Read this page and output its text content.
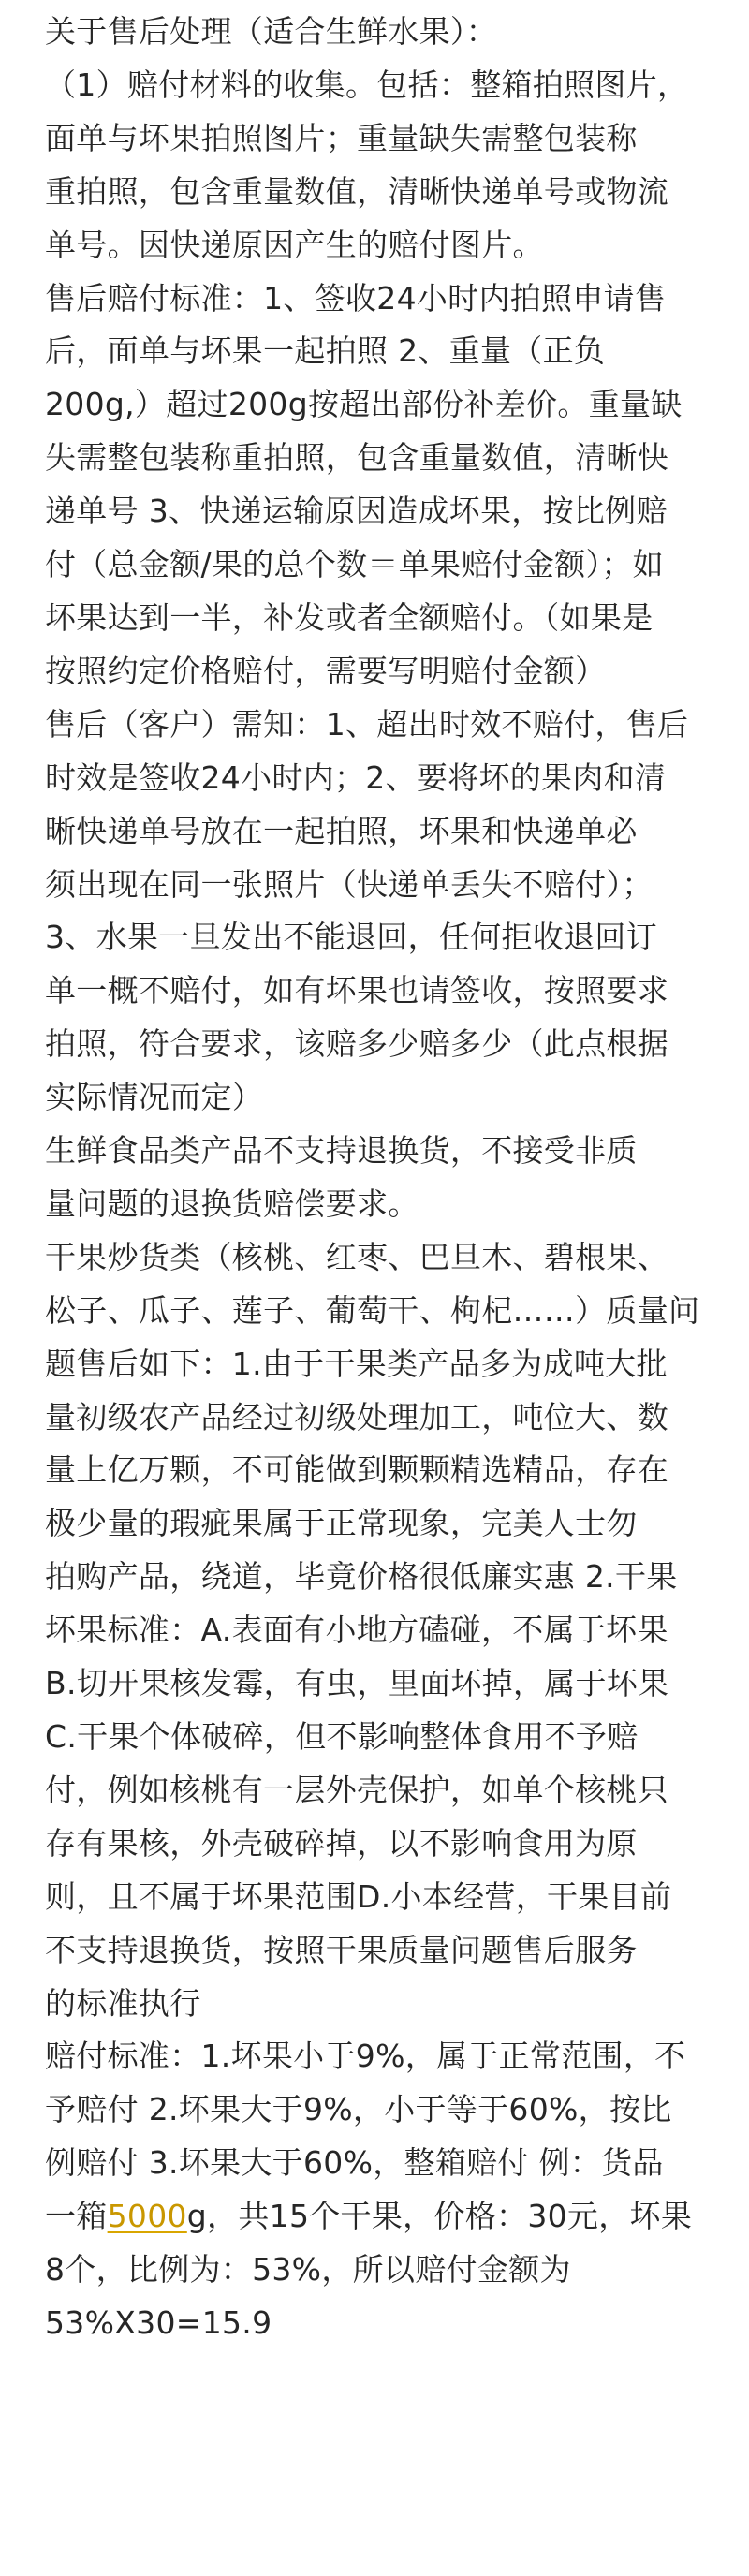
关于售后处理（适合生鲜水果）：
（1）赔付材料的收集。包括：整箱拍照图片，
面单与坏果拍照图片；重量缺失需整包装称
重拍照，包含重量数值，清晰快递单号或物流
单号。因快递原因产生的赔付图片。
售后赔付标准：1、签收24小时内拍照申请售
后，面单与坏果一起拍照 2、重量（正负
200g,）超过200g按超出部份补差价。重量缺
失需整包装称重拍照，包含重量数值，清晰快
递单号 3、快递运输原因造成坏果，按比例赔
付（总金额/果的总个数＝单果赔付金额）；如
坏果达到一半，补发或者全额赔付。（如果是
按照约定价格赔付，需要写明赔付金额）
售后（客户）需知：1、超出时效不赔付，售后
时效是签收24小时内；2、要将坏的果肉和清
晰快递单号放在一起拍照，坏果和快递单必
须出现在同一张照片（快递单丢失不赔付）；
3、水果一旦发出不能退回，任何拒收退回订
单一概不赔付，如有坏果也请签收，按照要求
拍照，符合要求，该赔多少赔多少（此点根据
实际情况而定）
生鲜食品类产品不支持退换货，不接受非质
量问题的退换货赔偿要求。
干果炒货类（核桃、红枣、巴旦木、碧根果、
松子、瓜子、莲子、葡萄干、枸杞……）质量问
题售后如下：1.由于干果类产品多为成吨大批
量初级农产品经过初级处理加工，吨位大、数
量上亿万颗，不可能做到颗颗精选精品，存在
极少量的瑕疵果属于正常现象，完美人士勿
拍购产品，绕道，毕竟价格很低廉实惠 2.干果
坏果标准：A.表面有小地方磕碰，不属于坏果
B.切开果核发霉，有虫，里面坏掉，属于坏果
C.干果个体破碎，但不影响整体食用不予赔
付，例如核桃有一层外壳保护，如单个核桃只
存有果核，外壳破碎掉，以不影响食用为原
则，且不属于坏果范围D.小本经营，干果目前
不支持退换货，按照干果质量问题售后服务
的标准执行
赔付标准：1.坏果小于9%，属于正常范围，不
予赔付 2.坏果大于9%，小于等于60%，按比
例赔付 3.坏果大于60%，整箱赔付 例：货品
一箱5000g，共15个干果，价格：30元，坏果
8个，比例为：53%，所以赔付金额为
53%X30=15.9
